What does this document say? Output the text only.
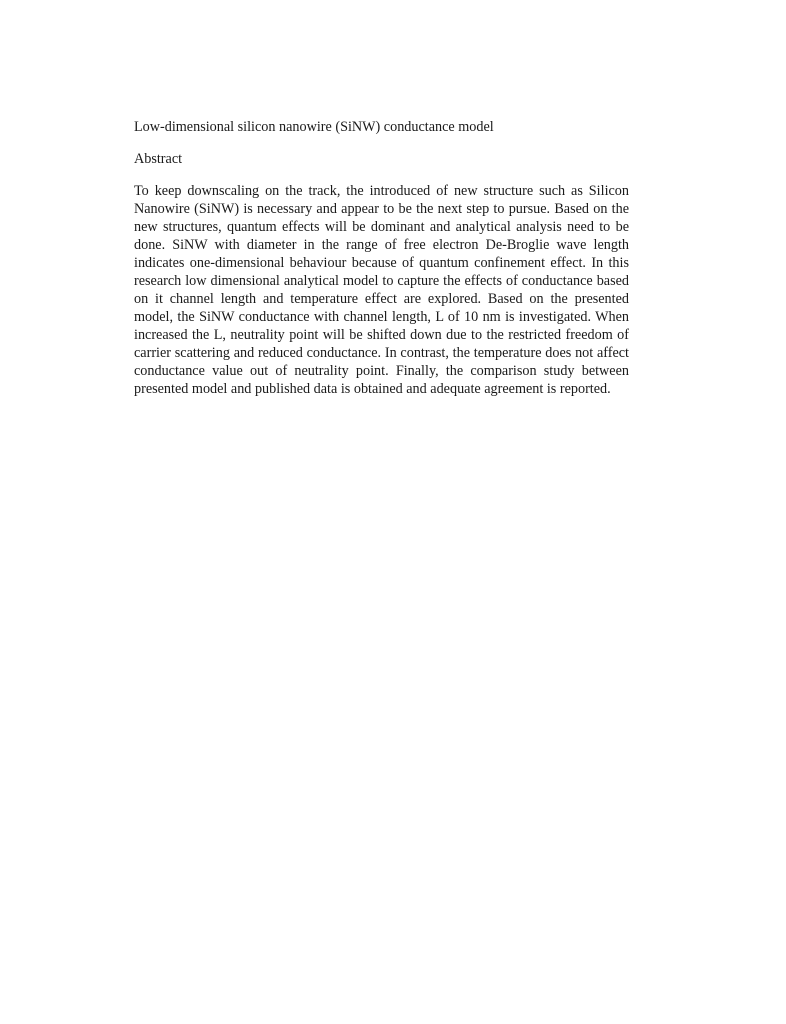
Low-dimensional silicon nanowire (SiNW) conductance model

Abstract

To keep downscaling on the track, the introduced of new structure such as Silicon Nanowire (SiNW) is necessary and appear to be the next step to pursue. Based on the new structures, quantum effects will be dominant and analytical analysis need to be done. SiNW with diameter in the range of free electron De-Broglie wave length indicates one-dimensional behaviour because of quantum confinement effect. In this research low dimensional analytical model to capture the effects of conductance based on it channel length and temperature effect are explored. Based on the presented model, the SiNW conductance with channel length, L of 10 nm is investigated. When increased the L, neutrality point will be shifted down due to the restricted freedom of carrier scattering and reduced conductance. In contrast, the temperature does not affect conductance value out of neutrality point. Finally, the comparison study between presented model and published data is obtained and adequate agreement is reported.
